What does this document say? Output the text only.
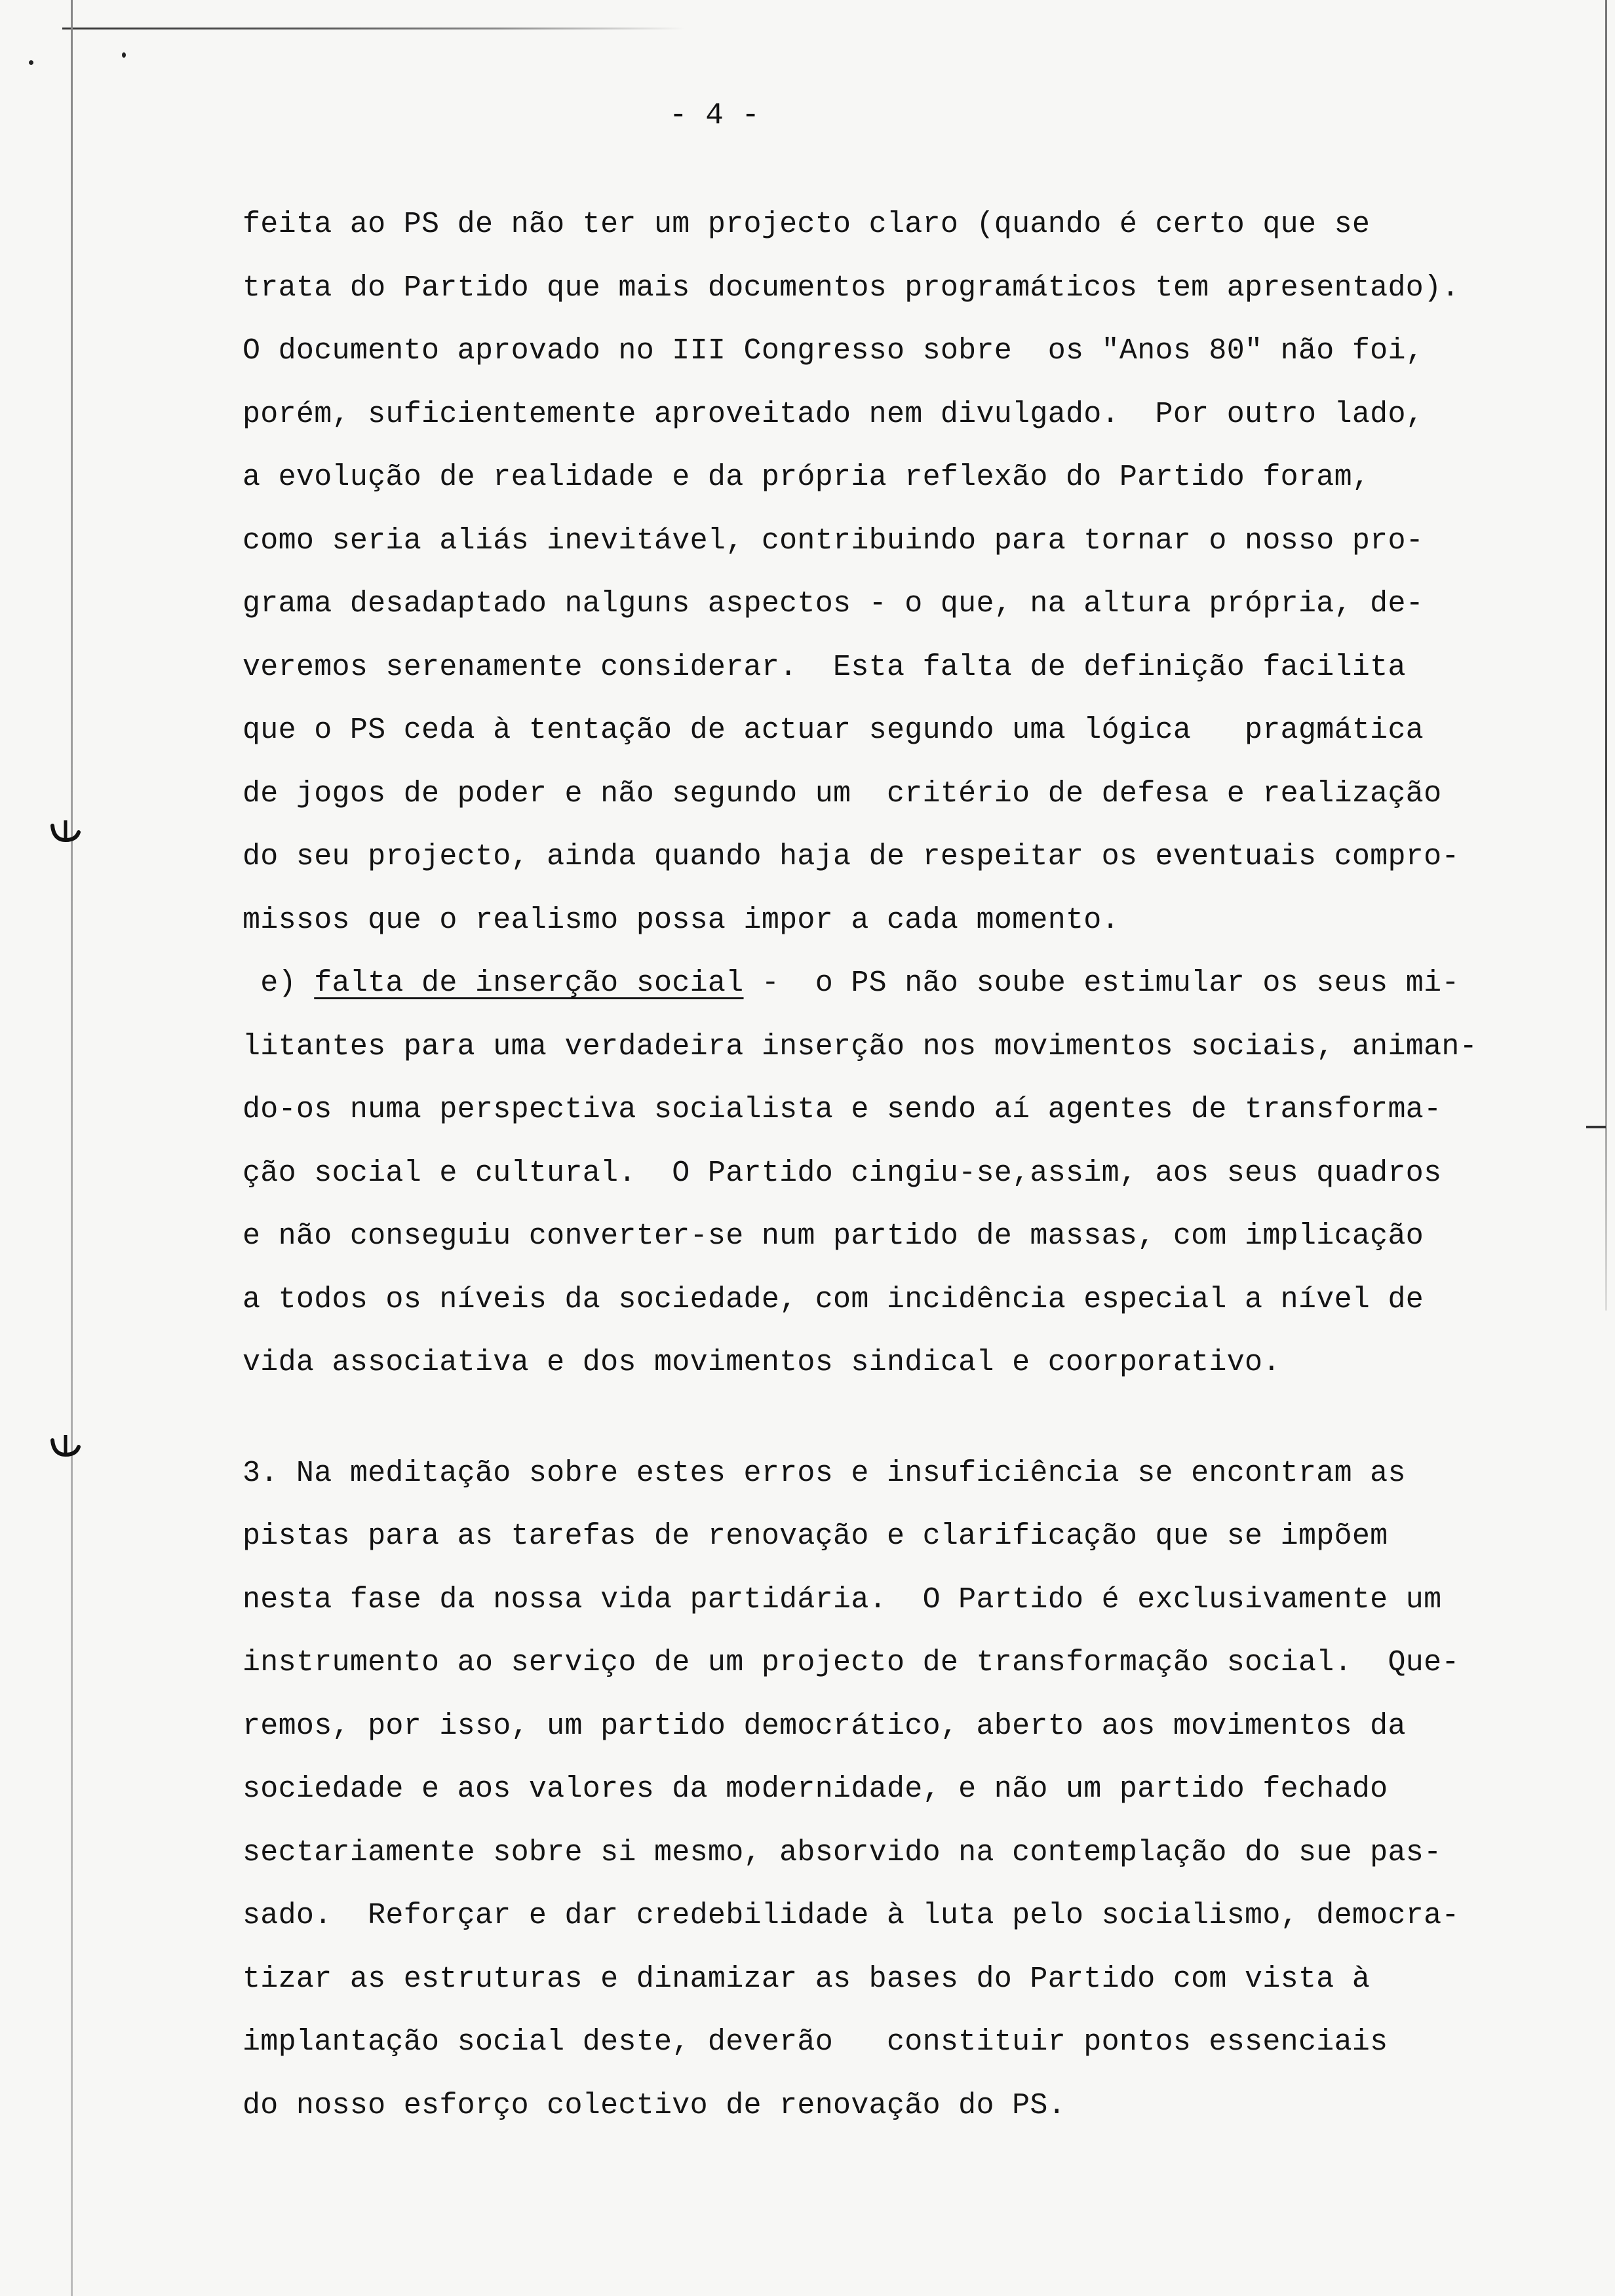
- 4 -
feita ao PS de não ter um projecto claro (quando é certo que se
trata do Partido que mais documentos programáticos tem apresentado).
O documento aprovado no III Congresso sobre  os "Anos 80" não foi,
porém, suficientemente aproveitado nem divulgado.  Por outro lado,
a evolução de realidade e da própria reflexão do Partido foram,
como seria aliás inevitável, contribuindo para tornar o nosso pro-
grama desadaptado nalguns aspectos - o que, na altura própria, de-
veremos serenamente considerar.  Esta falta de definição facilita
que o PS ceda à tentação de actuar segundo uma lógica   pragmática
de jogos de poder e não segundo um  critério de defesa e realização
do seu projecto, ainda quando haja de respeitar os eventuais compro-
missos que o realismo possa impor a cada momento.
e) falta de inserção social -  o PS não soube estimular os seus mi-
litantes para uma verdadeira inserção nos movimentos sociais, animan-
do-os numa perspectiva socialista e sendo aí agentes de transforma-
ção social e cultural.  O Partido cingiu-se,assim, aos seus quadros
e não conseguiu converter-se num partido de massas, com implicação
a todos os níveis da sociedade, com incidência especial a nível de
vida associativa e dos movimentos sindical e coorporativo.
3. Na meditação sobre estes erros e insuficiência se encontram as
pistas para as tarefas de renovação e clarificação que se impõem
nesta fase da nossa vida partidária.  O Partido é exclusivamente um
instrumento ao serviço de um projecto de transformação social.  Que-
remos, por isso, um partido democrático, aberto aos movimentos da
sociedade e aos valores da modernidade, e não um partido fechado
sectariamente sobre si mesmo, absorvido na contemplação do sue pas-
sado.  Reforçar e dar credebilidade à luta pelo socialismo, democra-
tizar as estruturas e dinamizar as bases do Partido com vista à
implantação social deste, deverão   constituir pontos essenciais
do nosso esforço colectivo de renovação do PS.
